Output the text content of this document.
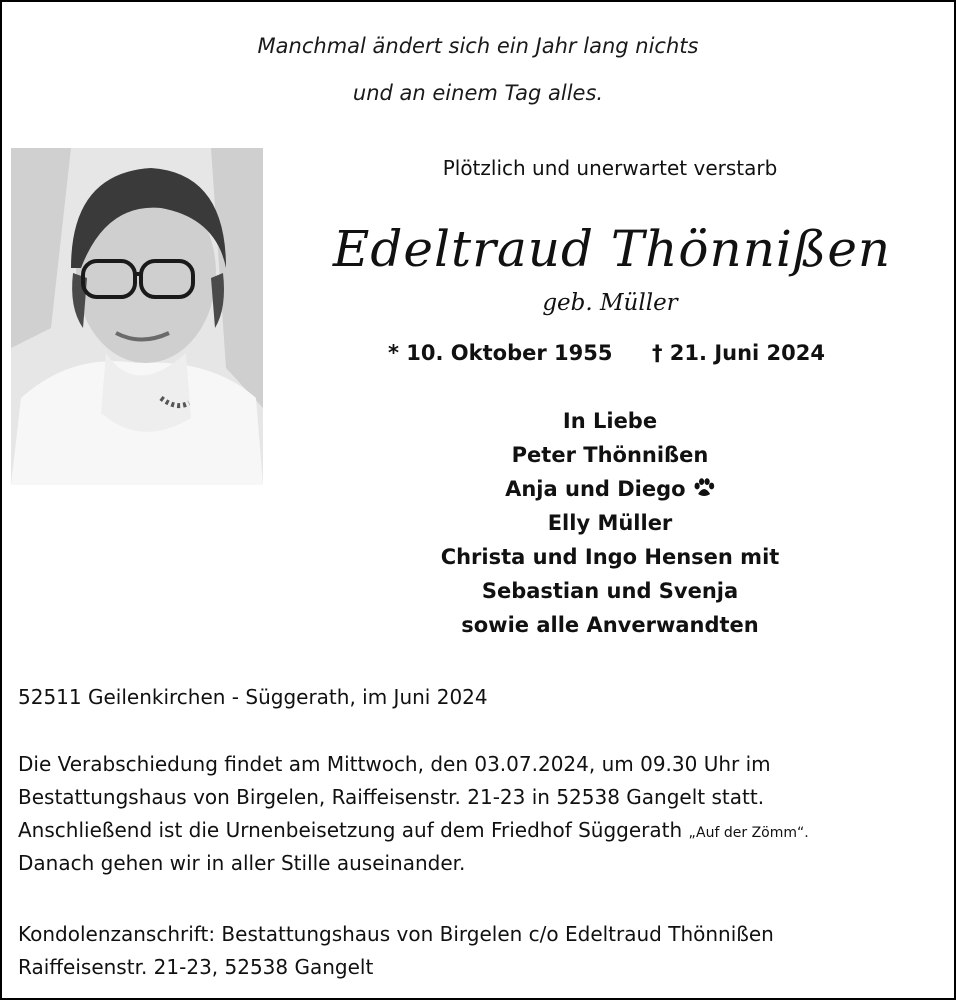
Manchmal ändert sich ein Jahr lang nichts
und an einem Tag alles.
Plötzlich und unerwartet verstarb
Edeltraud Thönnißen
geb. Müller
* 10. Oktober 1955 † 21. Juni 2024
In Liebe
Peter Thönnißen
Anja und Diego
Elly Müller
Christa und Ingo Hensen mit
Sebastian und Svenja
sowie alle Anverwandten
52511 Geilenkirchen - Süggerath, im Juni 2024
Die Verabschiedung findet am Mittwoch, den 03.07.2024, um 09.30 Uhr im
Bestattungshaus von Birgelen, Raiffeisenstr. 21-23 in 52538 Gangelt statt.
Anschließend ist die Urnenbeisetzung auf dem Friedhof Süggerath „Auf der Zömm“.
Danach gehen wir in aller Stille auseinander.
Kondolenzanschrift: Bestattungshaus von Birgelen c/o Edeltraud Thönnißen
Raiffeisenstr. 21-23, 52538 Gangelt
